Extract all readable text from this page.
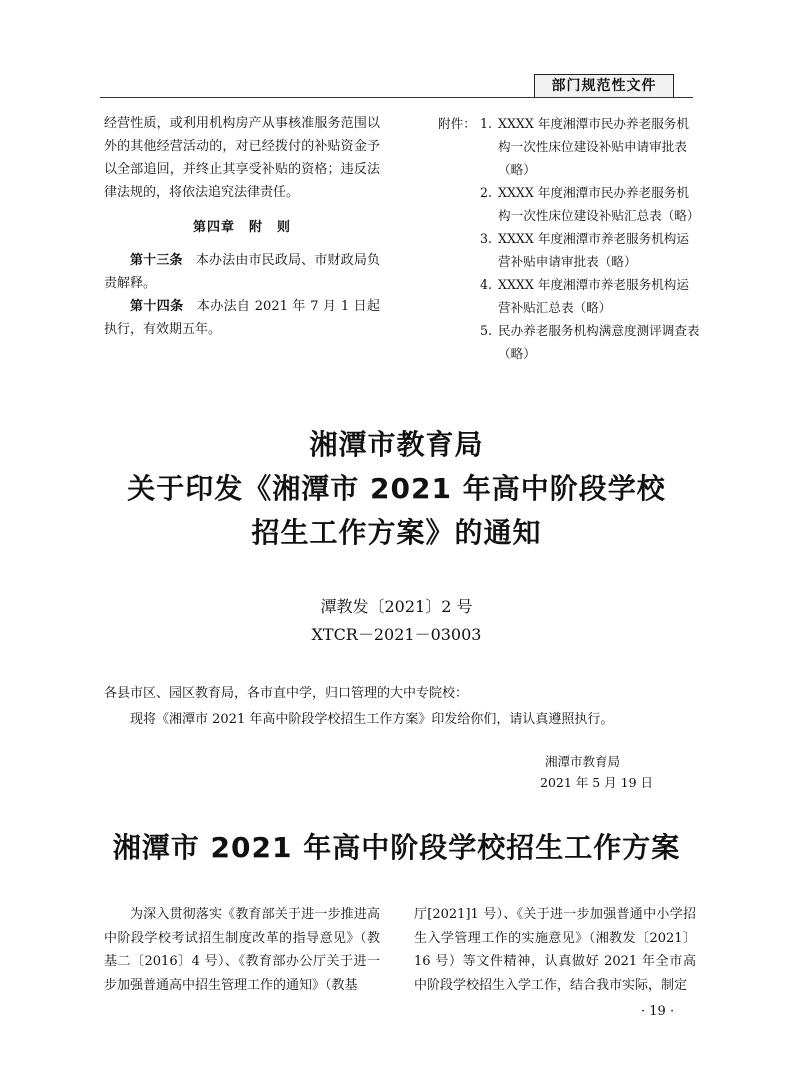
部门规范性文件

经营性质，或利用机构房产从事核准服务范围以外的其他经营活动的，对已经拨付的补贴资金予以全部追回，并终止其享受补贴的资格；违反法律法规的，将依法追究法律责任。

第四章　附　则

第十三条　本办法由市民政局、市财政局负责解释。

第十四条　本办法自 2021 年 7 月 1 日起执行，有效期五年。

附件： 1. XXXX 年度湘潭市民办养老服务机构一次性床位建设补贴申请审批表（略）
2. XXXX 年度湘潭市民办养老服务机构一次性床位建设补贴汇总表（略）
3. XXXX 年度湘潭市养老服务机构运营补贴申请审批表（略）
4. XXXX 年度湘潭市养老服务机构运营补贴汇总表（略）
5. 民办养老服务机构满意度测评调查表（略）
湘潭市教育局
关于印发《湘潭市 2021 年高中阶段学校
招生工作方案》的通知
潭教发〔2021〕2 号
XTCR－2021－03003
各县市区、园区教育局，各市直中学，归口管理的大中专院校：
现将《湘潭市 2021 年高中阶段学校招生工作方案》印发给你们，请认真遵照执行。
湘潭市教育局
2021 年 5 月 19 日
湘潭市 2021 年高中阶段学校招生工作方案

为深入贯彻落实《教育部关于进一步推进高中阶段学校考试招生制度改革的指导意见》（教基二〔2016〕4 号）、《教育部办公厅关于进一步加强普通高中招生管理工作的通知》（教基

厅[2021]1 号）、《关于进一步加强普通中小学招生入学管理工作的实施意见》（湘教发〔2021〕16 号）等文件精神，认真做好 2021 年全市高中阶段学校招生入学工作，结合我市实际，制定

· 19 ·
